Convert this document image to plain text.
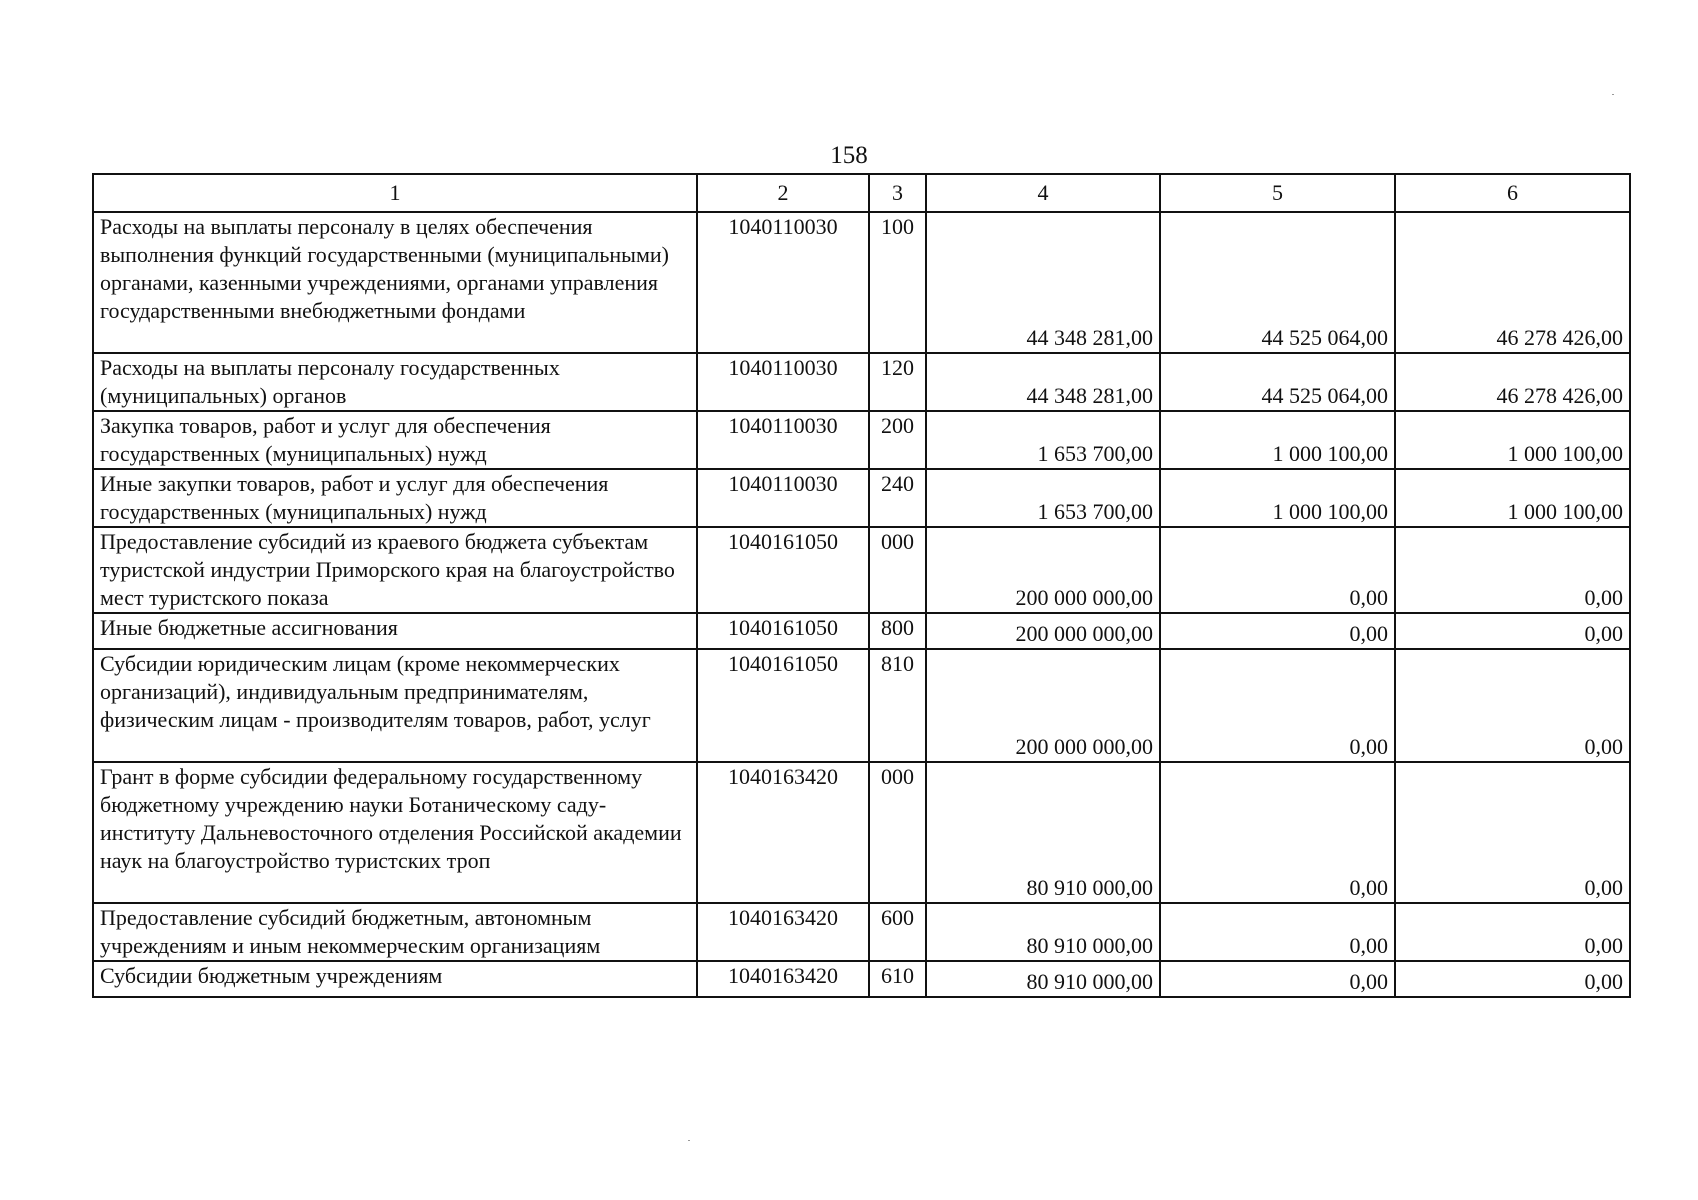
158
1	2	3	4	5	6
Расходы на выплаты персоналу в целях обеспечения выполнения функций государственными (муниципальными) органами, казенными учреждениями, органами управления государственными внебюджетными фондами	1040110030	100	44 348 281,00	44 525 064,00	46 278 426,00
Расходы на выплаты персоналу государственных (муниципальных) органов	1040110030	120	44 348 281,00	44 525 064,00	46 278 426,00
Закупка товаров, работ и услуг для обеспечения государственных (муниципальных) нужд	1040110030	200	1 653 700,00	1 000 100,00	1 000 100,00
Иные закупки товаров, работ и услуг для обеспечения государственных (муниципальных) нужд	1040110030	240	1 653 700,00	1 000 100,00	1 000 100,00
Предоставление субсидий из краевого бюджета субъектам туристской индустрии Приморского края на благоустройство мест туристского показа	1040161050	000	200 000 000,00	0,00	0,00
Иные бюджетные ассигнования	1040161050	800	200 000 000,00	0,00	0,00
Субсидии юридическим лицам (кроме некоммерческих организаций), индивидуальным предпринимателям, физическим лицам - производителям товаров, работ, услуг	1040161050	810	200 000 000,00	0,00	0,00
Грант в форме субсидии федеральному государственному бюджетному учреждению науки Ботаническому саду-институту Дальневосточного отделения Российской академии наук на благоустройство туристских троп	1040163420	000	80 910 000,00	0,00	0,00
Предоставление субсидий бюджетным, автономным учреждениям и иным некоммерческим организациям	1040163420	600	80 910 000,00	0,00	0,00
Субсидии бюджетным учреждениям	1040163420	610	80 910 000,00	0,00	0,00
